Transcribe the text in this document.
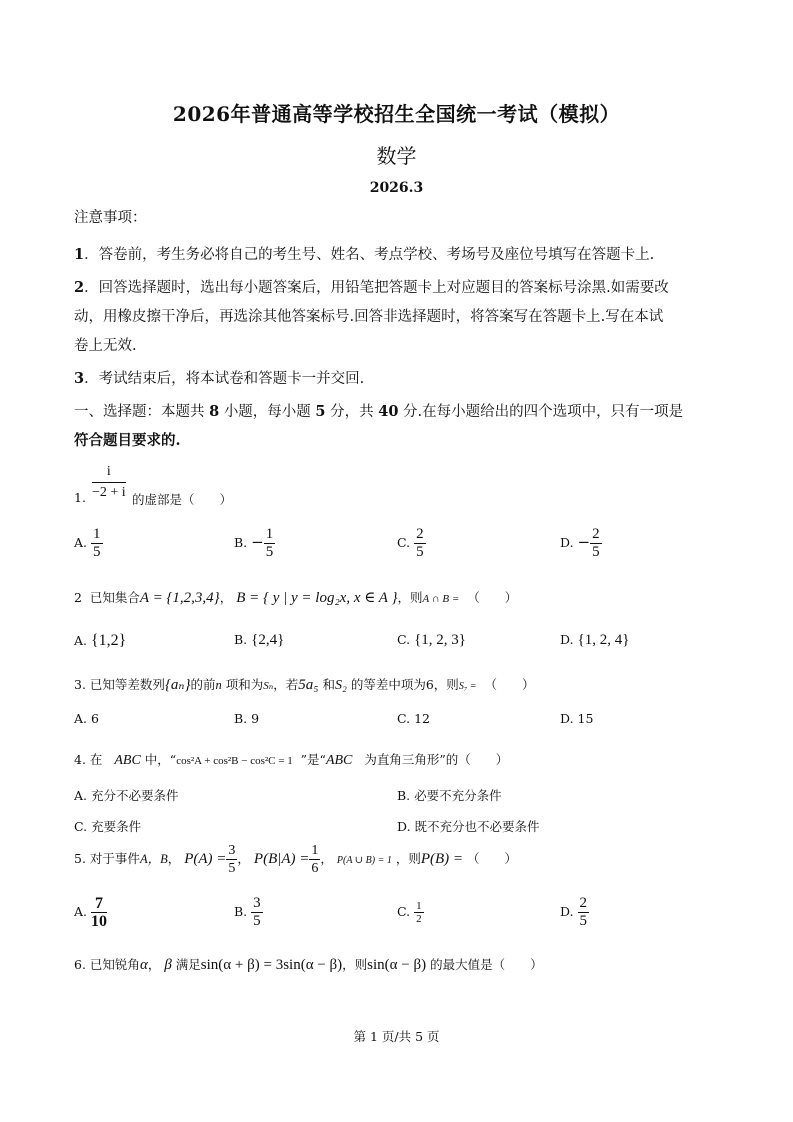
2026年普通高等学校招生全国统一考试（模拟）
数学
2026.3
注意事项：
1．答卷前，考生务必将自己的考生号、姓名、考点学校、考场号及座位号填写在答题卡上.
2．回答选择题时，选出每小题答案后，用铅笔把答题卡上对应题目的答案标号涂黑.如需要改
动，用橡皮擦干净后，再选涂其他答案标号.回答非选择题时，将答案写在答题卡上.写在本试
卷上无效.
3．考试结束后，将本试卷和答题卡一并交回.
一、选择题：本题共 8 小题，每小题 5 分，共 40 分.在每小题给出的四个选项中，只有一项是
符合题目要求的.
i
−2 + i
1.	的虚部是（　　）
A. $\frac{1}{5}$	B. − $\frac{1}{5}$	C. $\frac{2}{5}$	D. − $\frac{2}{5}$
2 已知集合A = {1,2,3,4}， B = { y | y = log₂x, x ∈ A }，则A ∩ B = （　　）
A. {1,2}	B. {2,4}	C. {1, 2, 3}	D. {1, 2, 4}
3. 已知等差数列{aₙ}的前n 项和为Sₙ，若5a₅ 和S₂ 的等差中项为6，则S₇ = （　　）
A. 6	B. 9	C. 12	D. 15
4. 在 ABC 中，“cos²A + cos²B − cos²C = 1 ”是“ABC 为直角三角形”的（　　）
A. 充分不必要条件	B. 必要不充分条件
C. 充要条件	D. 既不充分也不必要条件
5. 对于事件A，B， $P(A) = \frac{3}{5}$ ， $P(B|A) = \frac{1}{6}$ ， P(A ∪ B) = 1 ，则P(B) = （　　）
A. $\frac{7}{10}$	B. $\frac{3}{5}$	C. $\frac{1}{2}$	D. $\frac{2}{5}$
6. 已知锐角α， β 满足sin(α + β) = 3sin(α − β)，则sin(α − β) 的最大值是（　　）
第 1 页/共 5 页
